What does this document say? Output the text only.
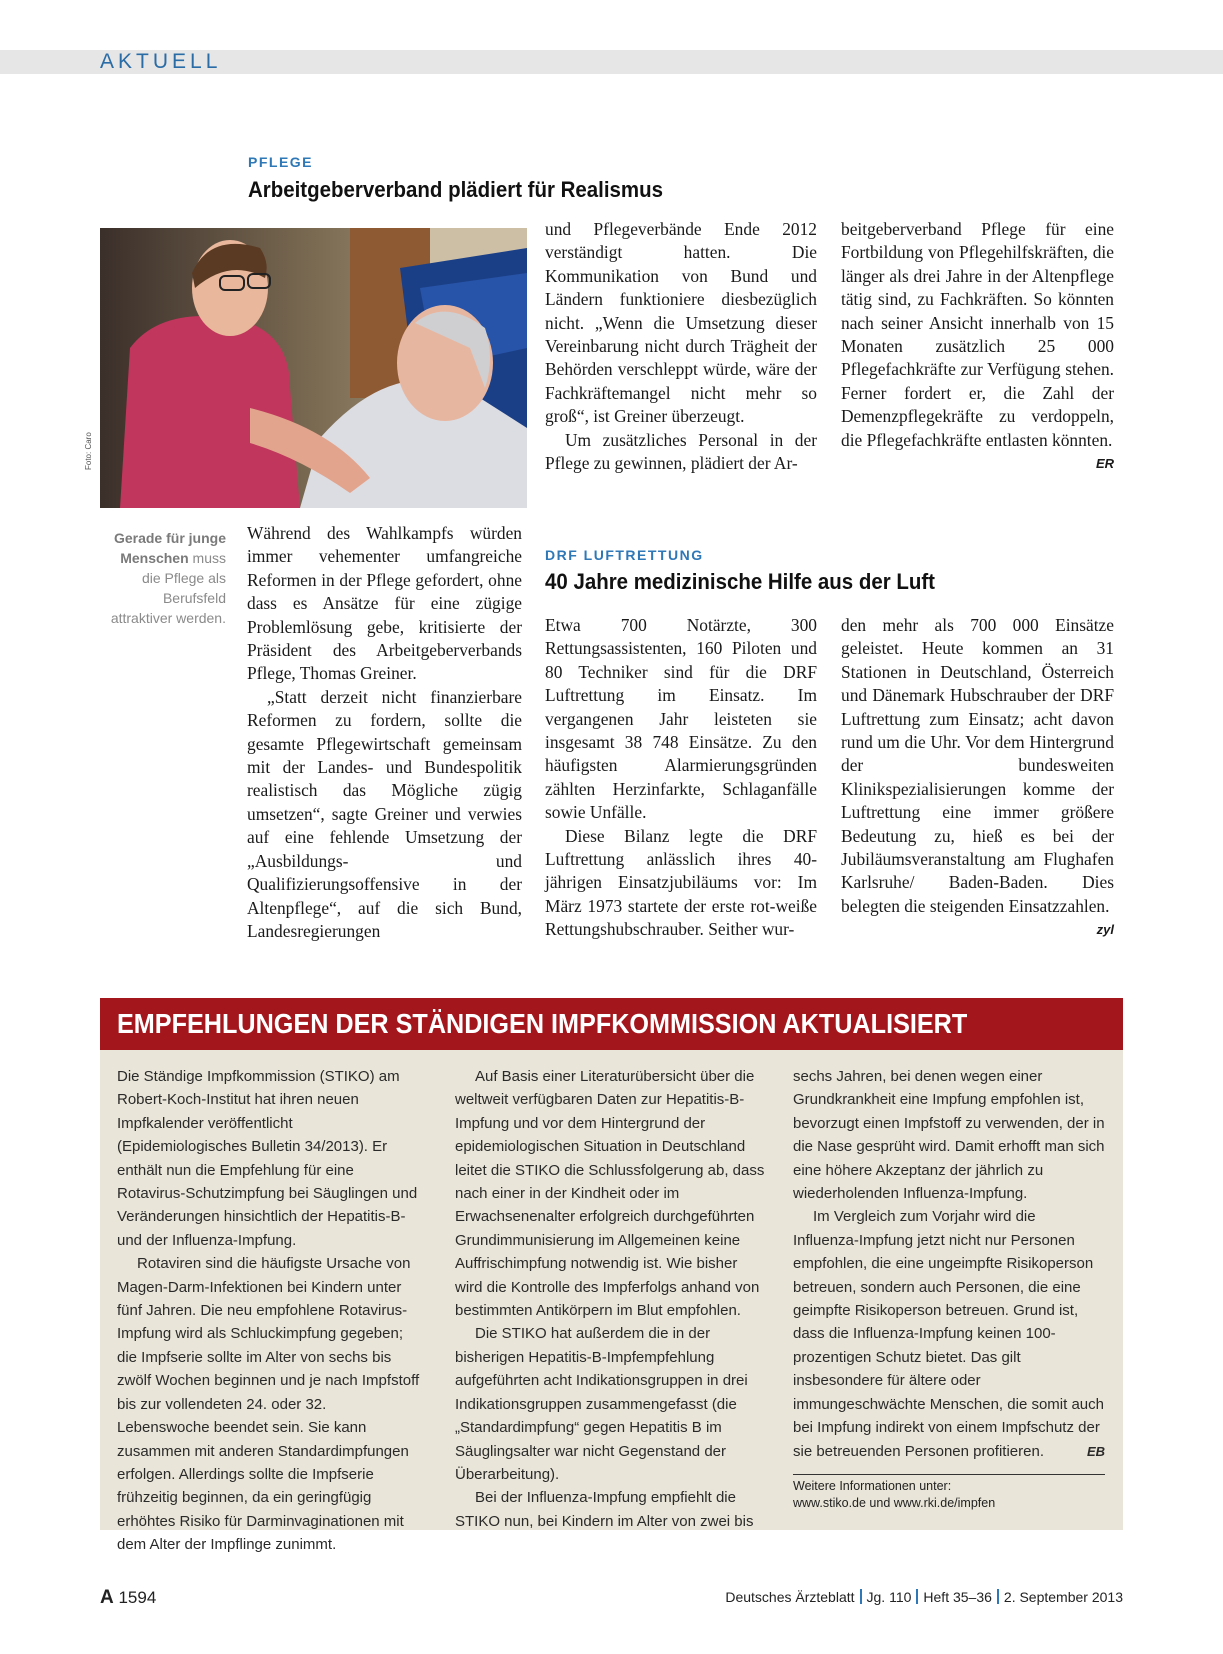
AKTUELL
PFLEGE
Arbeitgeberverband plädiert für Realismus
Foto: Caro
Gerade für junge Menschen muss die Pflege als Berufsfeld attraktiver werden.

Während des Wahlkampfs würden immer vehementer umfangreiche Reformen in der Pflege gefordert, ohne dass es Ansätze für eine zügige Problemlösung gebe, kritisierte der Präsident des Arbeitgeberverbands Pflege, Thomas Greiner.

„Statt derzeit nicht finanzierbare Reformen zu fordern, sollte die gesamte Pflegewirtschaft gemeinsam mit der Landes- und Bundespolitik realistisch das Mögliche zügig umsetzen“, sagte Greiner und verwies auf eine fehlende Umsetzung der „Ausbildungs- und Qualifizierungsoffensive in der Altenpflege“, auf die sich Bund, Landesregierungen

und Pflegeverbände Ende 2012 verständigt hatten. Die Kommunikation von Bund und Ländern funktioniere diesbezüglich nicht. „Wenn die Umsetzung dieser Vereinbarung nicht durch Trägheit der Behörden verschleppt würde, wäre der Fachkräftemangel nicht mehr so groß“, ist Greiner überzeugt.

Um zusätzliches Personal in der Pflege zu gewinnen, plädiert der Ar-

beitgeberverband Pflege für eine Fortbildung von Pflegehilfskräften, die länger als drei Jahre in der Altenpflege tätig sind, zu Fachkräften. So könnten nach seiner Ansicht innerhalb von 15 Monaten zusätzlich 25 000 Pflegefachkräfte zur Verfügung stehen. Ferner fordert er, die Zahl der Demenzpflegekräfte zu verdoppeln, die Pflegefachkräfte entlasten könnten.
ER

DRF LUFTRETTUNG
40 Jahre medizinische Hilfe aus der Luft

Etwa 700 Notärzte, 300 Rettungsassistenten, 160 Piloten und 80 Techniker sind für die DRF Luftrettung im Einsatz. Im vergangenen Jahr leisteten sie insgesamt 38 748 Einsätze. Zu den häufigsten Alarmierungsgründen zählten Herzinfarkte, Schlaganfälle sowie Unfälle.

Diese Bilanz legte die DRF Luftrettung anlässlich ihres 40-jährigen Einsatzjubiläums vor: Im März 1973 startete der erste rot-weiße Rettungshubschrauber. Seither wur-

den mehr als 700 000 Einsätze geleistet. Heute kommen an 31 Stationen in Deutschland, Österreich und Dänemark Hubschrauber der DRF Luftrettung zum Einsatz; acht davon rund um die Uhr. Vor dem Hintergrund der bundesweiten Klinikspezialisierungen komme der Luftrettung eine immer größere Bedeutung zu, hieß es bei der Jubiläumsveranstaltung am Flughafen Karlsruhe/ Baden-Baden. Dies belegten die steigenden Einsatzzahlen.
zyl

EMPFEHLUNGEN DER STÄNDIGEN IMPFKOMMISSION AKTUALISIERT

Die Ständige Impfkommission (STIKO) am Robert-Koch-Institut hat ihren neuen Impfkalender veröffentlicht (Epidemiologisches Bulletin 34/2013). Er enthält nun die Empfehlung für eine Rotavirus-Schutzimpfung bei Säuglingen und Veränderungen hinsichtlich der Hepatitis-B- und der Influenza-Impfung.

Rotaviren sind die häufigste Ursache von Magen-Darm-Infektionen bei Kindern unter fünf Jahren. Die neu empfohlene Rotavirus-Impfung wird als Schluckimpfung gegeben; die Impfserie sollte im Alter von sechs bis zwölf Wochen beginnen und je nach Impfstoff bis zur vollendeten 24. oder 32. Lebenswoche beendet sein. Sie kann zusammen mit anderen Standardimpfungen erfolgen. Allerdings sollte die Impfserie frühzeitig beginnen, da ein geringfügig erhöhtes Risiko für Darminvaginationen mit dem Alter der Impflinge zunimmt.

Auf Basis einer Literaturübersicht über die weltweit verfügbaren Daten zur Hepatitis-B-Impfung und vor dem Hintergrund der epidemiologischen Situation in Deutschland leitet die STIKO die Schlussfolgerung ab, dass nach einer in der Kindheit oder im Erwachsenenalter erfolgreich durchgeführten Grundimmunisierung im Allgemeinen keine Auffrischimpfung notwendig ist. Wie bisher wird die Kontrolle des Impferfolgs anhand von bestimmten Antikörpern im Blut empfohlen.

Die STIKO hat außerdem die in der bisherigen Hepatitis-B-Impfempfehlung aufgeführten acht Indikationsgruppen in drei Indikationsgruppen zusammengefasst (die „Standardimpfung“ gegen Hepatitis B im Säuglingsalter war nicht Gegenstand der Überarbeitung).

Bei der Influenza-Impfung empfiehlt die STIKO nun, bei Kindern im Alter von zwei bis

sechs Jahren, bei denen wegen einer Grundkrankheit eine Impfung empfohlen ist, bevorzugt einen Impfstoff zu verwenden, der in die Nase gesprüht wird. Damit erhofft man sich eine höhere Akzeptanz der jährlich zu wiederholenden Influenza-Impfung.

Im Vergleich zum Vorjahr wird die Influenza-Impfung jetzt nicht nur Personen empfohlen, die eine ungeimpfte Risikoperson betreuen, sondern auch Personen, die eine geimpfte Risikoperson betreuen. Grund ist, dass die Influenza-Impfung keinen 100-prozentigen Schutz bietet. Das gilt insbesondere für ältere oder immungeschwächte Menschen, die somit auch bei Impfung indirekt von einem Impfschutz der sie betreuenden Personen profitieren.	EB

Weitere Informationen unter:
www.stiko.de und www.rki.de/impfen
A 1594	Deutsches Ärzteblatt Jg. 110 Heft 35–36 2. September 2013
